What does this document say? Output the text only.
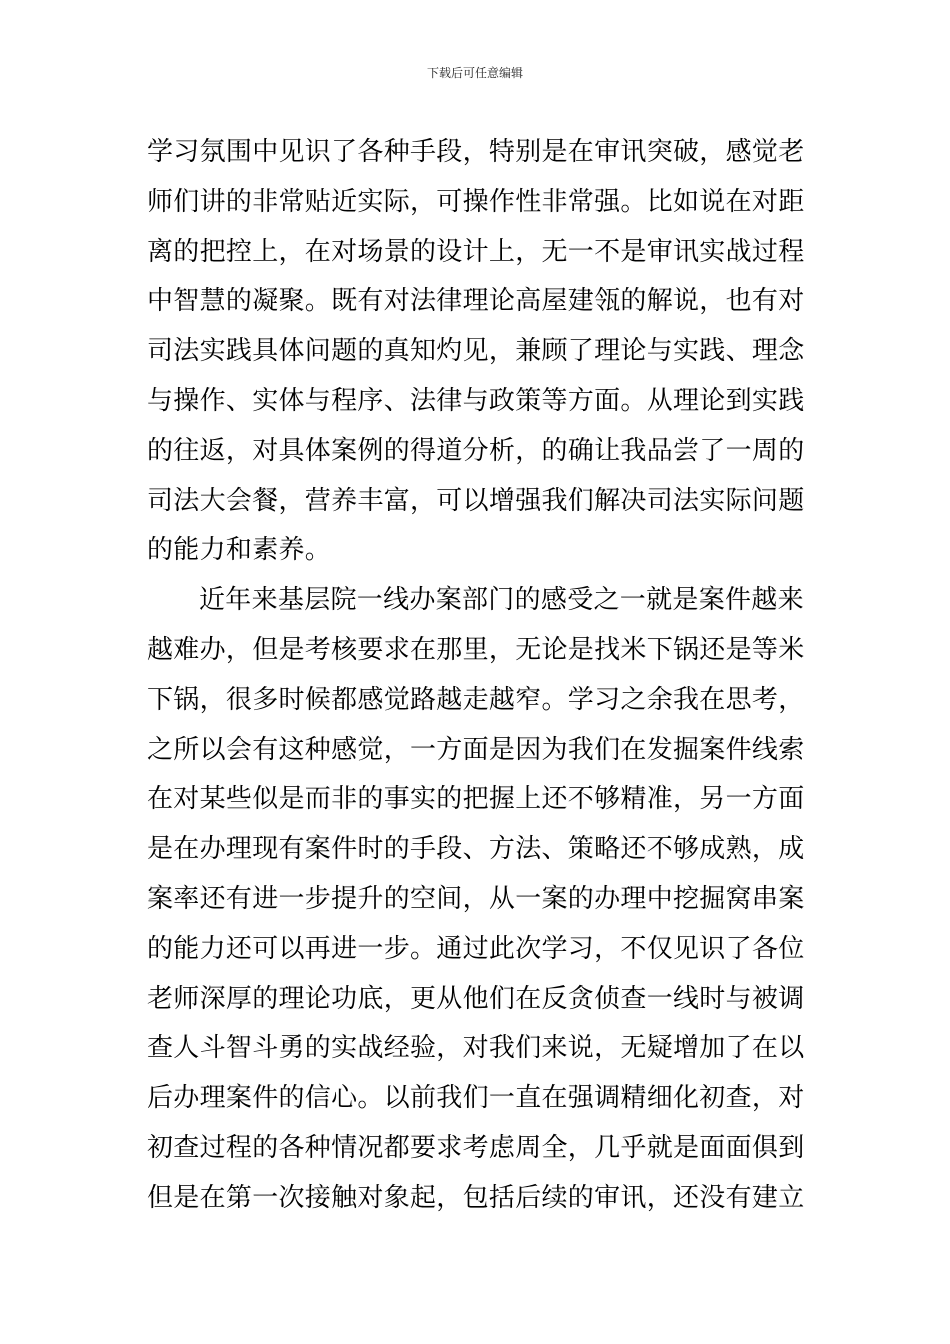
下载后可任意编辑
学习氛围中见识了各种手段，特别是在审讯突破，感觉老
师们讲的非常贴近实际，可操作性非常强。比如说在对距
离的把控上，在对场景的设计上，无一不是审讯实战过程
中智慧的凝聚。既有对法律理论高屋建瓴的解说，也有对
司法实践具体问题的真知灼见，兼顾了理论与实践、理念
与操作、实体与程序、法律与政策等方面。从理论到实践
的往返，对具体案例的得道分析，的确让我品尝了一周的
司法大会餐，营养丰富，可以增强我们解决司法实际问题
的能力和素养。
近年来基层院一线办案部门的感受之一就是案件越来
越难办，但是考核要求在那里，无论是找米下锅还是等米
下锅，很多时候都感觉路越走越窄。学习之余我在思考，
之所以会有这种感觉，一方面是因为我们在发掘案件线索
在对某些似是而非的事实的把握上还不够精准，另一方面
是在办理现有案件时的手段、方法、策略还不够成熟，成
案率还有进一步提升的空间，从一案的办理中挖掘窝串案
的能力还可以再进一步。通过此次学习，不仅见识了各位
老师深厚的理论功底，更从他们在反贪侦查一线时与被调
查人斗智斗勇的实战经验，对我们来说，无疑增加了在以
后办理案件的信心。以前我们一直在强调精细化初查，对
初查过程的各种情况都要求考虑周全，几乎就是面面俱到
但是在第一次接触对象起，包括后续的审讯，还没有建立
